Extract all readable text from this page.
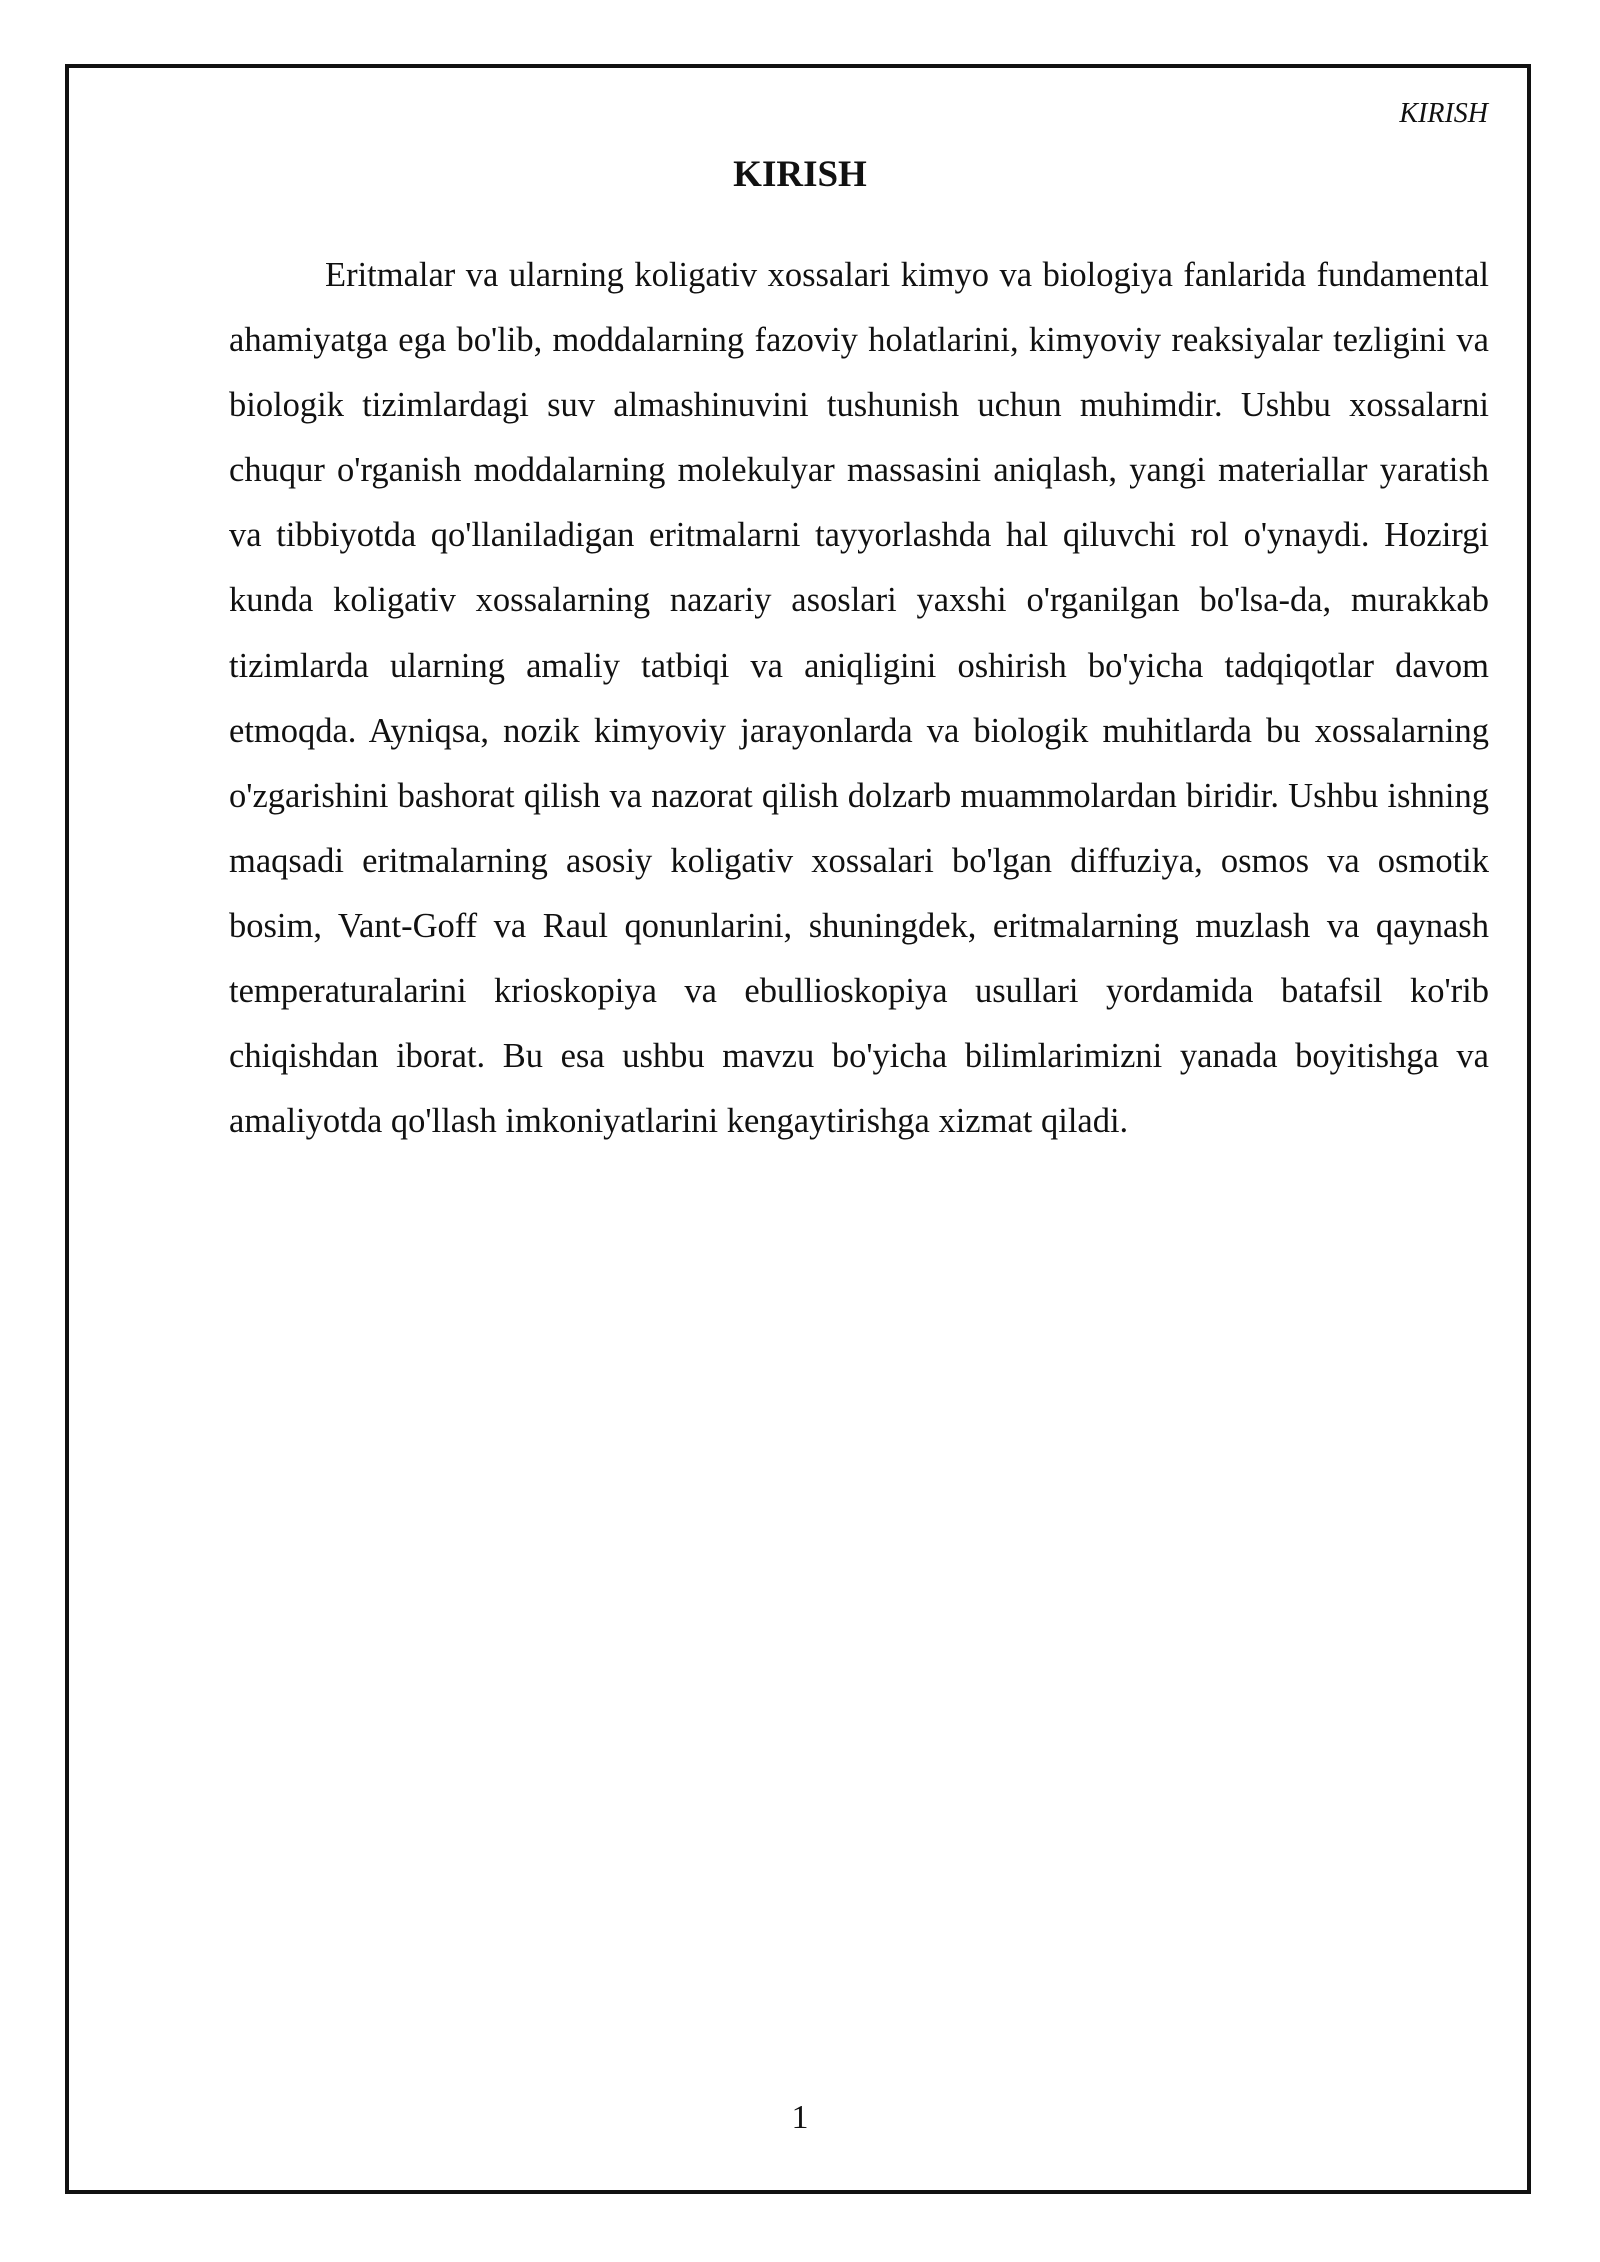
KIRISH
KIRISH

Eritmalar va ularning koligativ xossalari kimyo va biologiya fanlarida fundamental ahamiyatga ega bo'lib, moddalarning fazoviy holatlarini, kimyoviy reaksiyalar tezligini va biologik tizimlardagi suv almashinuvini tushunish uchun muhimdir. Ushbu xossalarni chuqur o'rganish moddalarning molekulyar massasini aniqlash, yangi materiallar yaratish va tibbiyotda qo'llaniladigan eritmalarni tayyorlashda hal qiluvchi rol o'ynaydi. Hozirgi kunda koligativ xossalarning nazariy asoslari yaxshi o'rganilgan bo'lsa-da, murakkab tizimlarda ularning amaliy tatbiqi va aniqligini oshirish bo'yicha tadqiqotlar davom etmoqda. Ayniqsa, nozik kimyoviy jarayonlarda va biologik muhitlarda bu xossalarning o'zgarishini bashorat qilish va nazorat qilish dolzarb muammolardan biridir. Ushbu ishning maqsadi eritmalarning asosiy koligativ xossalari bo'lgan diffuziya, osmos va osmotik bosim, Vant-Goff va Raul qonunlarini, shuningdek, eritmalarning muzlash va qaynash temperaturalarini krioskopiya va ebullioskopiya usullari yordamida batafsil ko'rib chiqishdan iborat. Bu esa ushbu mavzu bo'yicha bilimlarimizni yanada boyitishga va amaliyotda qo'llash imkoniyatlarini kengaytirishga xizmat qiladi.

1
